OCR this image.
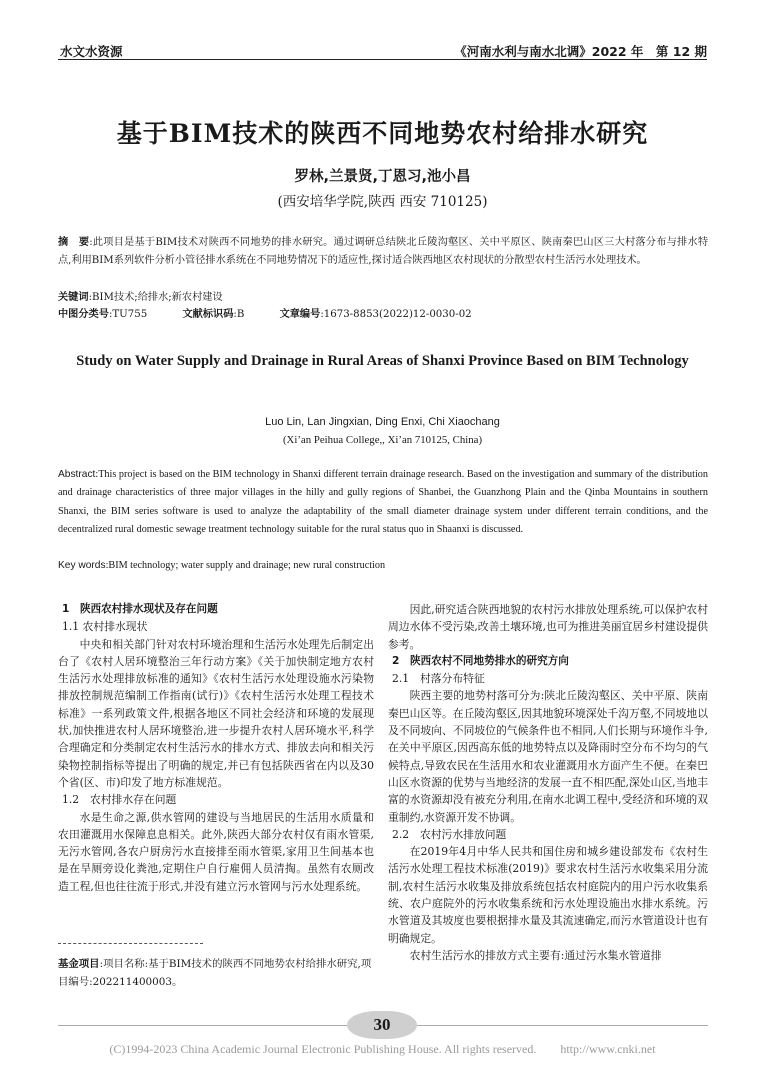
水文水资源	《河南水利与南水北调》2022 年　第 12 期
基于BIM技术的陕西不同地势农村给排水研究
罗林,兰景贤,丁恩习,池小昌
(西安培华学院,陕西 西安 710125)
摘　要:此项目是基于BIM技术对陕西不同地势的排水研究。通过调研总结陕北丘陵沟壑区、关中平原区、陕南秦巴山区三大村落分布与排水特点,利用BIM系列软件分析小管径排水系统在不同地势情况下的适应性,探讨适合陕西地区农村现状的分散型农村生活污水处理技术。
关键词:BIM技术;给排水;新农村建设
中图分类号:TU755	文献标识码:B	文章编号:1673-8853(2022)12-0030-02
Study on Water Supply and Drainage in Rural Areas of Shanxi Province Based on BIM Technology
Luo Lin, Lan Jingxian, Ding Enxi, Chi Xiaochang
(Xi’an Peihua College,, Xi’an 710125, China)
Abstract:This project is based on the BIM technology in Shanxi different terrain drainage research. Based on the investigation and summary of the distribution and drainage characteristics of three major villages in the hilly and gully regions of Shanbei, the Guanzhong Plain and the Qinba Mountains in southern Shanxi, the BIM series software is used to analyze the adaptability of the small diameter drainage system under different terrain conditions, and the decentralized rural domestic sewage treatment technology suitable for the rural status quo in Shaanxi is discussed.
Key words:BIM technology; water supply and drainage; new rural construction

1　陕西农村排水现状及存在问题

1.1 农村排水现状

中央和相关部门针对农村环境治理和生活污水处理先后制定出台了《农村人居环境整治三年行动方案》《关于加快制定地方农村生活污水处理排放标准的通知》《农村生活污水处理设施水污染物排放控制规范编制工作指南(试行)》《农村生活污水处理工程技术标准》一系列政策文件,根据各地区不同社会经济和环境的发展现状,加快推进农村人居环境整治,进一步提升农村人居环境水平,科学合理确定和分类制定农村生活污水的排水方式、排放去向和相关污染物控制指标等提出了明确的规定,并已有包括陕西省在内以及30个省(区、市)印发了地方标准规范。

1.2　农村排水存在问题

水是生命之源,供水管网的建设与当地居民的生活用水质量和农田灌溉用水保障息息相关。此外,陕西大部分农村仅有雨水管渠,无污水管网,各农户厨房污水直接排至雨水管渠,家用卫生间基本也是在旱厕旁设化粪池,定期住户自行雇佣人员清掏。虽然有农厕改造工程,但也往往流于形式,并没有建立污水管网与污水处理系统。

基金项目:项目名称:基于BIM技术的陕西不同地势农村给排水研究,项目编号:202211400003。

因此,研究适合陕西地貌的农村污水排放处理系统,可以保护农村周边水体不受污染,改善土壤环境,也可为推进美丽宜居乡村建设提供参考。

2　陕西农村不同地势排水的研究方向

2.1　村落分布特征

陕西主要的地势村落可分为:陕北丘陵沟壑区、关中平原、陕南秦巴山区等。在丘陵沟壑区,因其地貌环境深处千沟万壑,不同坡地以及不同坡向、不同坡位的气候条件也不相同,人们长期与环境作斗争,在关中平原区,因西高东低的地势特点以及降雨时空分布不均匀的气候特点,导致农民在生活用水和农业灌溉用水方面产生不便。在秦巴山区水资源的优势与当地经济的发展一直不相匹配,深处山区,当地丰富的水资源却没有被充分利用,在南水北调工程中,受经济和环境的双重制约,水资源开发不协调。

2.2　农村污水排放问题

在2019年4月中华人民共和国住房和城乡建设部发布《农村生活污水处理工程技术标准(2019)》要求农村生活污水收集采用分流制,农村生活污水收集及排放系统包括农村庭院内的用户污水收集系统、农户庭院外的污水收集系统和污水处理设施出水排水系统。污水管道及其坡度也要根据排水量及其流速确定,而污水管道设计也有明确规定。

农村生活污水的排放方式主要有:通过污水集水管道排

30
(C)1994-2023 China Academic Journal Electronic Publishing House. All rights reserved.　　http://www.cnki.net
